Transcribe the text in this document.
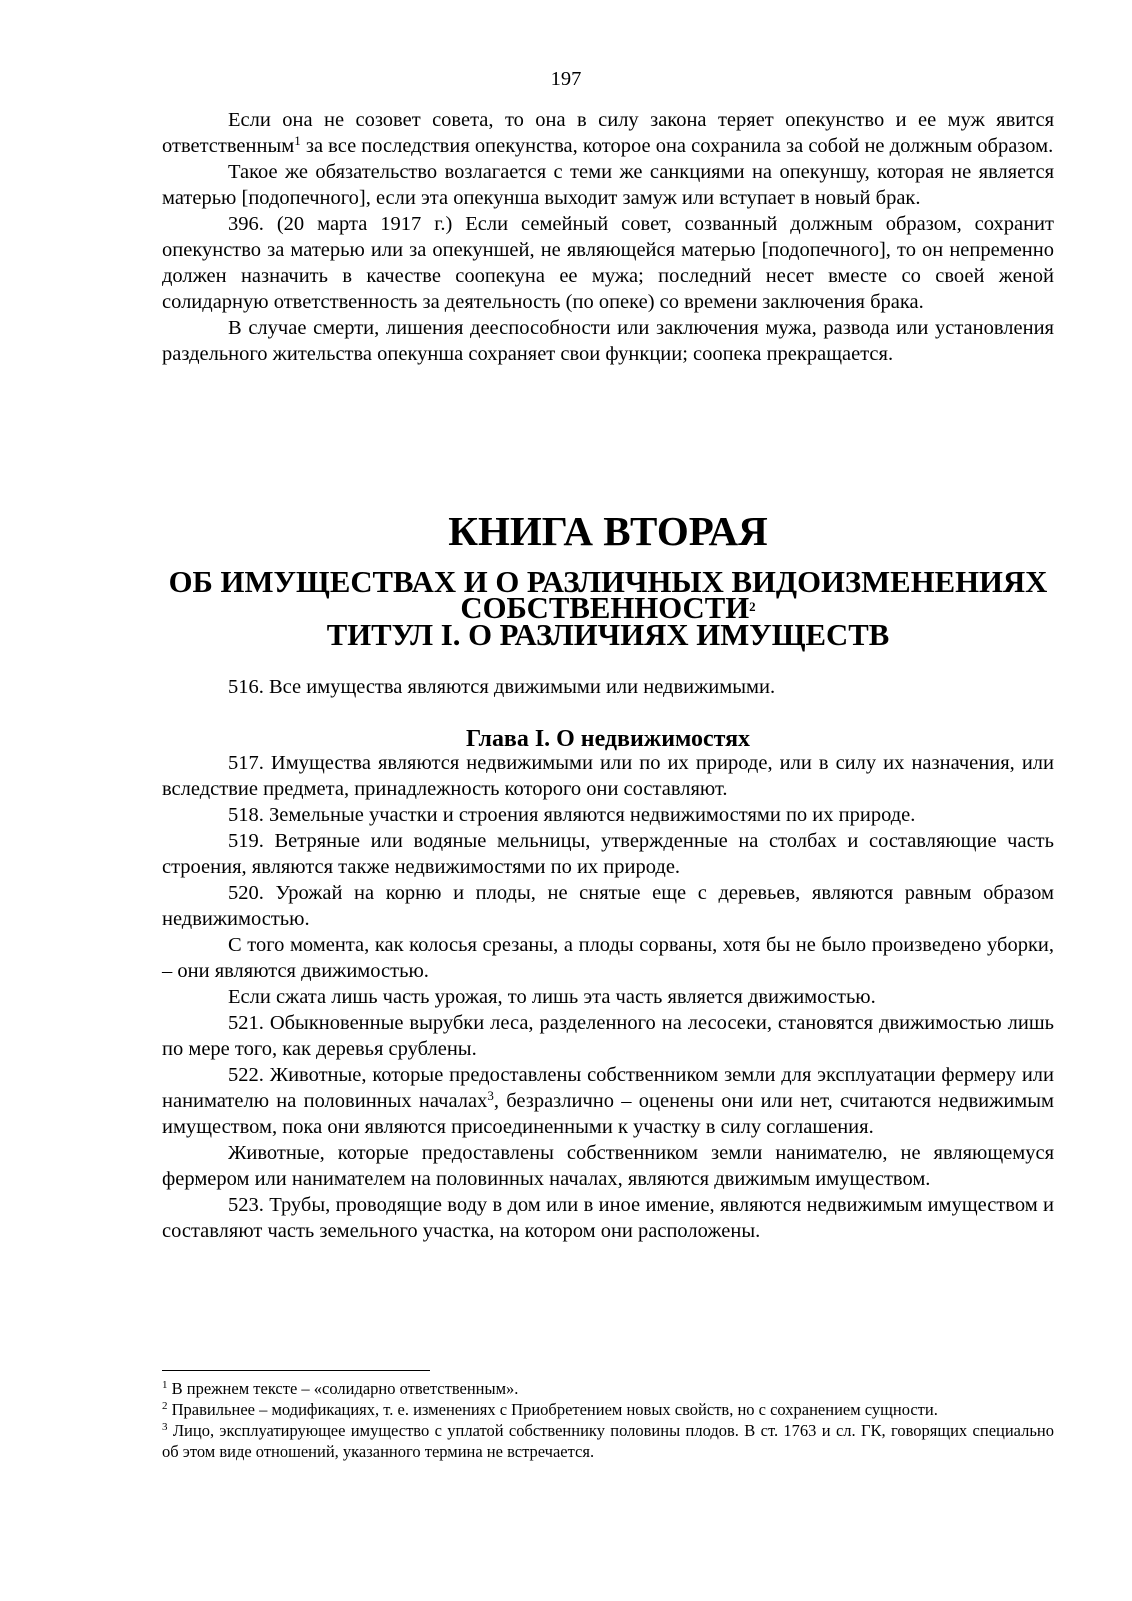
197

Если она не созовет совета, то она в силу закона теряет опекунство и ее муж явится ответственным$^1$ за все последствия опекунства, которое она сохранила за собой не должным образом.

Такое же обязательство возлагается с теми же санкциями на опекуншу, которая не является матерью [подопечного], если эта опекунша выходит замуж или вступает в новый брак.

396. (20 марта 1917 г.) Если семейный совет, созванный должным образом, сохранит опекунство за матерью или за опекуншей, не являющейся матерью [подопечного], то он непременно должен назначить в качестве соопекуна ее мужа; последний несет вместе со своей женой солидарную ответственность за деятельность (по опеке) со времени заключения брака.

В случае смерти, лишения дееспособности или заключения мужа, развода или установления раздельного жительства опекунша сохраняет свои функции; соопека прекращается.

КНИГА ВТОРАЯ
ОБ ИМУЩЕСТВАХ И О РАЗЛИЧНЫХ ВИДОИЗМЕНЕНИЯХ СОБСТВЕННОСТИ$^2$
ТИТУЛ I. О РАЗЛИЧИЯХ ИМУЩЕСТВ

516. Все имущества являются движимыми или недвижимыми.

Глава I. О недвижимостях

517. Имущества являются недвижимыми или по их природе, или в силу их назначения, или вследствие предмета, принадлежность которого они составляют.

518. Земельные участки и строения являются недвижимостями по их природе.

519. Ветряные или водяные мельницы, утвержденные на столбах и составляющие часть строения, являются также недвижимостями по их природе.

520. Урожай на корню и плоды, не снятые еще с деревьев, являются равным образом недвижимостью.

С того момента, как колосья срезаны, а плоды сорваны, хотя бы не было произведено уборки, – они являются движимостью.

Если сжата лишь часть урожая, то лишь эта часть является движимостью.

521. Обыкновенные вырубки леса, разделенного на лесосеки, становятся движимостью лишь по мере того, как деревья срублены.

522. Животные, которые предоставлены собственником земли для эксплуатации фермеру или нанимателю на половинных началах$^3$, безразлично – оценены они или нет, считаются недвижимым имуществом, пока они являются присоединенными к участку в силу соглашения.

Животные, которые предоставлены собственником земли нанимателю, не являющемуся фермером или нанимателем на половинных началах, являются движимым имуществом.

523. Трубы, проводящие воду в дом или в иное имение, являются недвижимым имуществом и составляют часть земельного участка, на котором они расположены.

$^1$ В прежнем тексте – «солидарно ответственным».

$^2$ Правильнее – модификациях, т. е. изменениях с Приобретением новых свойств, но с сохранением сущности.

$^3$ Лицо, эксплуатирующее имущество с уплатой собственнику половины плодов. В ст. 1763 и сл. ГК, говорящих специально об этом виде отношений, указанного термина не встречается.
